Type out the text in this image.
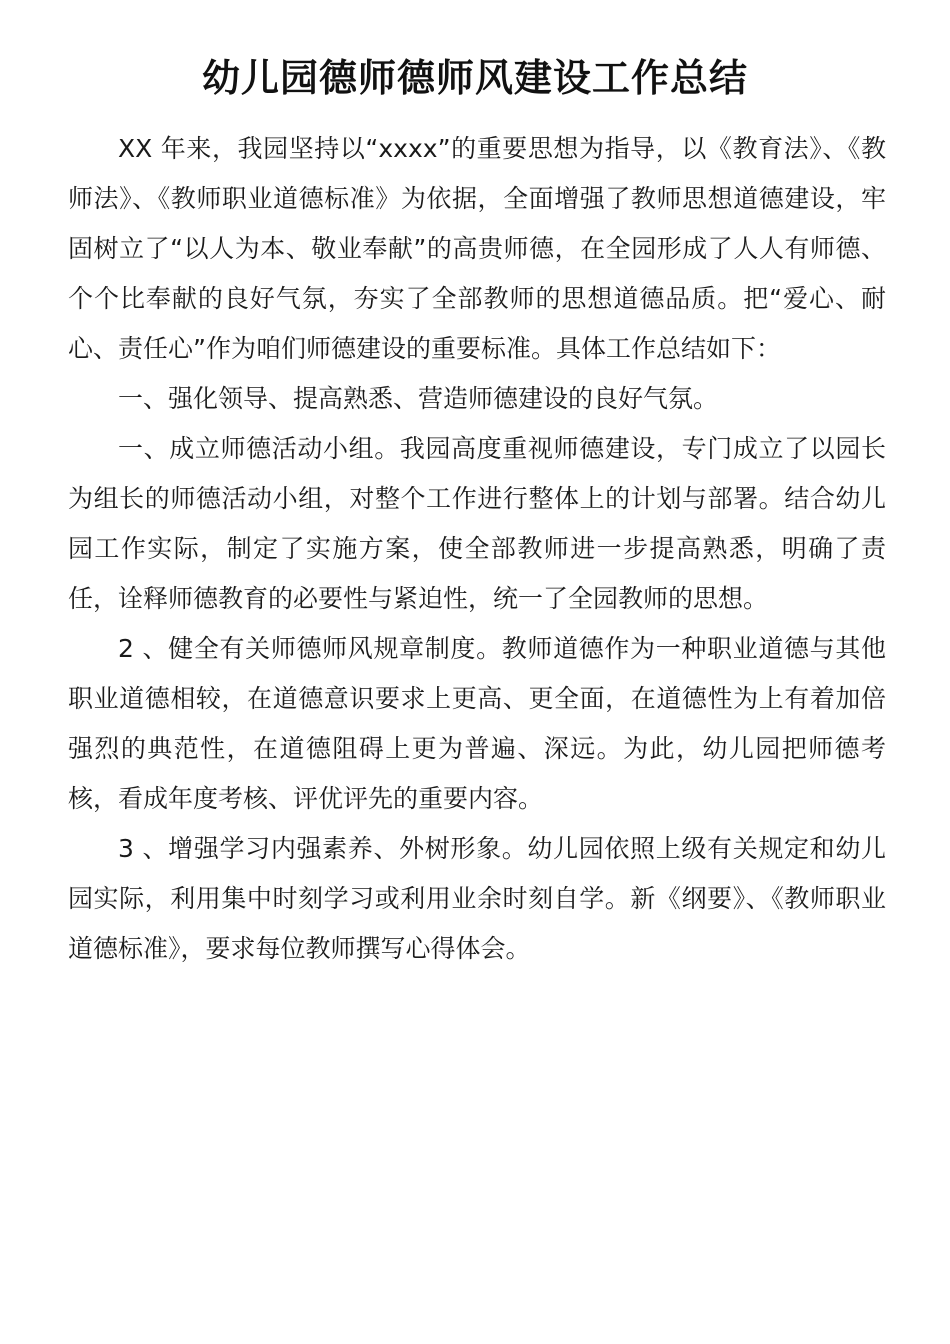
幼儿园德师德师风建设工作总结

XX 年来，我园坚持以“xxxx”的重要思想为指导，以《教育法》、《教师法》、《教师职业道德标准》为依据，全面增强了教师思想道德建设，牢固树立了“以人为本、敬业奉献”的高贵师德，在全园形成了人人有师德、个个比奉献的良好气氛，夯实了全部教师的思想道德品质。把“爱心、耐心、责任心”作为咱们师德建设的重要标准。具体工作总结如下：

一、强化领导、提高熟悉、营造师德建设的良好气氛。

一、成立师德活动小组。我园高度重视师德建设，专门成立了以园长为组长的师德活动小组，对整个工作进行整体上的计划与部署。结合幼儿园工作实际，制定了实施方案，使全部教师进一步提高熟悉，明确了责任，诠释师德教育的必要性与紧迫性，统一了全园教师的思想。

2 、健全有关师德师风规章制度。教师道德作为一种职业道德与其他职业道德相较，在道德意识要求上更高、更全面，在道德性为上有着加倍强烈的典范性，在道德阻碍上更为普遍、深远。为此，幼儿园把师德考核，看成年度考核、评优评先的重要内容。

3 、增强学习内强素养、外树形象。幼儿园依照上级有关规定和幼儿园实际，利用集中时刻学习或利用业余时刻自学。新《纲要》、《教师职业道德标准》，要求每位教师撰写心得体会。
